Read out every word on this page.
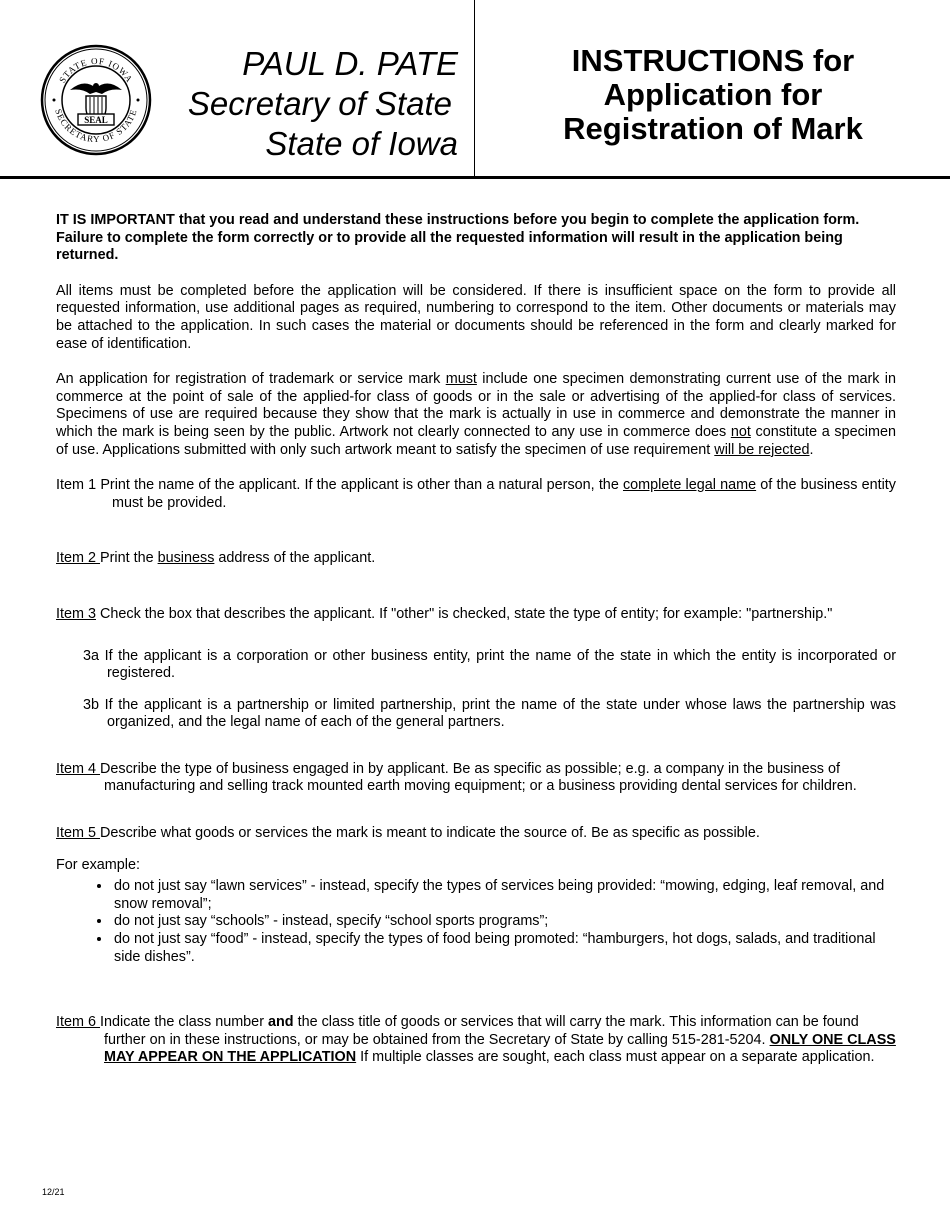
STATE OF IOWA
SECRETARY OF STATE
SEAL
PAUL D. PATE
Secretary of State
State of Iowa
INSTRUCTIONS for
Application for
Registration of Mark

IT IS IMPORTANT that you read and understand these instructions before you begin to complete the application form. Failure to complete the form correctly or to provide all the requested information will result in the application being returned.

All items must be completed before the application will be considered. If there is insufficient space on the form to provide all requested information, use additional pages as required, numbering to correspond to the item. Other documents or materials may be attached to the application. In such cases the material or documents should be referenced in the form and clearly marked for ease of identification.

An application for registration of trademark or service mark must include one specimen demonstrating current use of the mark in commerce at the point of sale of the applied-for class of goods or in the sale or advertising of the applied-for class of services. Specimens of use are required because they show that the mark is actually in use in commerce and demonstrate the manner in which the mark is being seen by the public. Artwork not clearly connected to any use in commerce does not constitute a specimen of use. Applications submitted with only such artwork meant to satisfy the specimen of use requirement will be rejected.

Item 1 Print the name of the applicant. If the applicant is other than a natural person, the complete legal name of the business entity must be provided.

Item 2 Print the business address of the applicant.

Item 3 Check the box that describes the applicant. If "other" is checked, state the type of entity; for example: "partnership."

3a If the applicant is a corporation or other business entity, print the name of the state in which the entity is incorporated or registered.

3b If the applicant is a partnership or limited partnership, print the name of the state under whose laws the partnership was organized, and the legal name of each of the general partners.

Item 4 Describe the type of business engaged in by applicant. Be as specific as possible; e.g. a company in the business of manufacturing and selling track mounted earth moving equipment; or a business providing dental services for children.

Item 5 Describe what goods or services the mark is meant to indicate the source of. Be as specific as possible.

For example:

• do not just say “lawn services” - instead, specify the types of services being provided: “mowing, edging, leaf removal, and snow removal”;
• do not just say “schools” - instead, specify “school sports programs”;
• do not just say “food” - instead, specify the types of food being promoted: “hamburgers, hot dogs, salads, and traditional side dishes”.

Item 6 Indicate the class number and the class title of goods or services that will carry the mark. This information can be found further on in these instructions, or may be obtained from the Secretary of State by calling 515-281-5204. ONLY ONE CLASS MAY APPEAR ON THE APPLICATION If multiple classes are sought, each class must appear on a separate application.

12/21
